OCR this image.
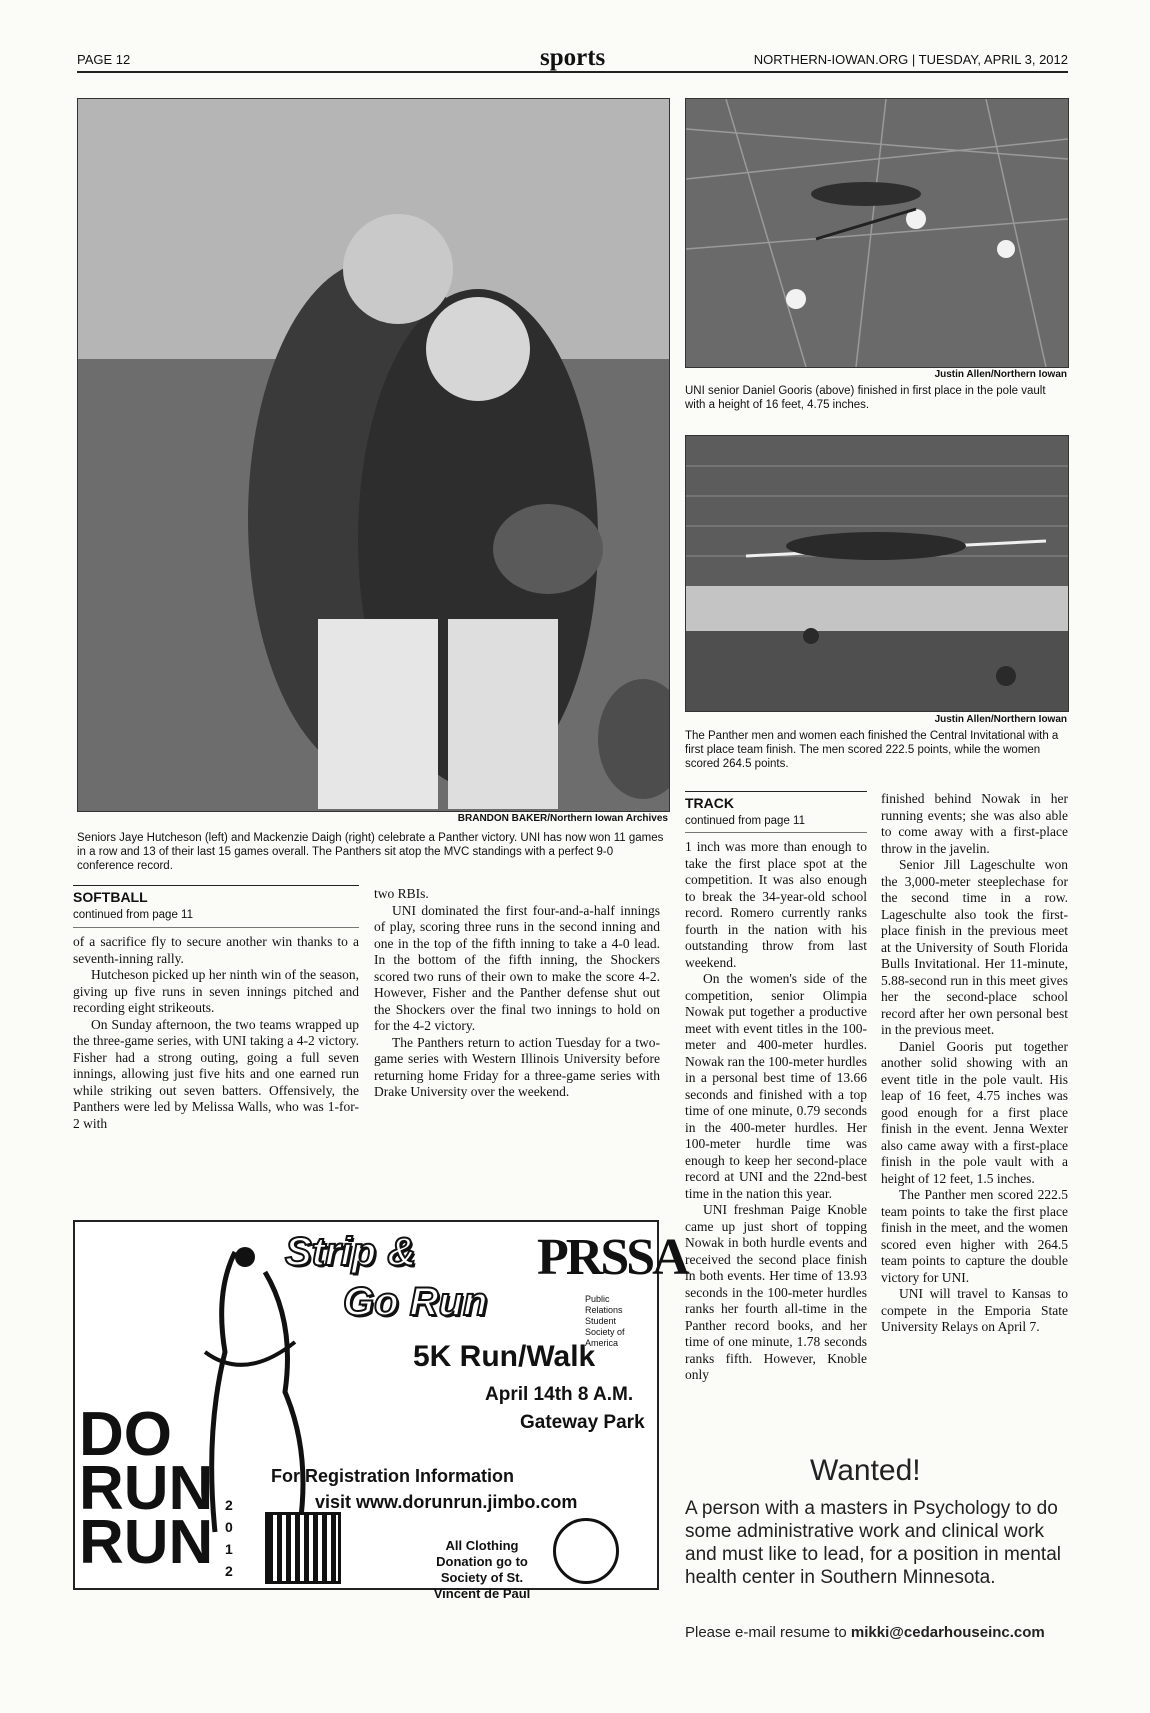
PAGE 12	sports	NORTHERN-IOWAN.ORG | TUESDAY, APRIL 3, 2012
BRANDON BAKER/Northern Iowan Archives
Seniors Jaye Hutcheson (left) and Mackenzie Daigh (right) celebrate a Panther victory. UNI has now won 11 games in a row and 13 of their last 15 games overall. The Panthers sit atop the MVC standings with a perfect 9-0 conference record.
Justin Allen/Northern Iowan
UNI senior Daniel Gooris (above) finished in first place in the pole vault with a height of 16 feet, 4.75 inches.
Justin Allen/Northern Iowan
The Panther men and women each finished the Central Invitational with a first place team finish. The men scored 222.5 points, while the women scored 264.5 points.
SOFTBALL
continued from page 11

of a sacrifice fly to secure another win thanks to a seventh-inning rally.

Hutcheson picked up her ninth win of the season, giving up five runs in seven innings pitched and recording eight strikeouts.

On Sunday afternoon, the two teams wrapped up the three-game series, with UNI taking a 4-2 victory. Fisher had a strong outing, going a full seven innings, allowing just five hits and one earned run while striking out seven batters. Offensively, the Panthers were led by Melissa Walls, who was 1-for-2 with

two RBIs.

UNI dominated the first four-and-a-half innings of play, scoring three runs in the second inning and one in the top of the fifth inning to take a 4-0 lead. In the bottom of the fifth inning, the Shockers scored two runs of their own to make the score 4-2. However, Fisher and the Panther defense shut out the Shockers over the final two innings to hold on for the 4-2 victory.

The Panthers return to action Tuesday for a two-game series with Western Illinois University before returning home Friday for a three-game series with Drake University over the weekend.

TRACK
continued from page 11

1 inch was more than enough to take the first place spot at the competition. It was also enough to break the 34-year-old school record. Romero currently ranks fourth in the nation with his outstanding throw from last weekend.

On the women's side of the competition, senior Olimpia Nowak put together a productive meet with event titles in the 100-meter and 400-meter hurdles. Nowak ran the 100-meter hurdles in a personal best time of 13.66 seconds and finished with a top time of one minute, 0.79 seconds in the 400-meter hurdles. Her 100-meter hurdle time was enough to keep her second-place record at UNI and the 22nd-best time in the nation this year.

UNI freshman Paige Knoble came up just short of topping Nowak in both hurdle events and received the second place finish in both events. Her time of 13.93 seconds in the 100-meter hurdles ranks her fourth all-time in the Panther record books, and her time of one minute, 1.78 seconds ranks fifth. However, Knoble only

finished behind Nowak in her running events; she was also able to come away with a first-place throw in the javelin.

Senior Jill Lageschulte won the 3,000-meter steeplechase for the second time in a row. Lageschulte also took the first-place finish in the previous meet at the University of South Florida Bulls Invitational. Her 11-minute, 5.88-second run in this meet gives her the second-place school record after her own personal best in the previous meet.

Daniel Gooris put together another solid showing with an event title in the pole vault. His leap of 16 feet, 4.75 inches was good enough for a first place finish in the event. Jenna Wexter also came away with a first-place finish in the pole vault with a height of 12 feet, 1.5 inches.

The Panther men scored 222.5 team points to take the first place finish in the meet, and the women scored even higher with 264.5 team points to capture the double victory for UNI.

UNI will travel to Kansas to compete in the Emporia State University Relays on April 7.

Strip &
Go Run
PRSSA
Public Relations Student Society of America
5K Run/Walk
April 14th 8 A.M.
Gateway Park
For Registration Information
visit www.dorunrun.jimbo.com
DO
RUN
RUN
2012
All Clothing Donation go to Society of St. Vincent de Paul
Wanted!
A person with a masters in Psychology to do some administrative work and clinical work and must like to lead, for a position in mental health center in Southern Minnesota.
Please e-mail resume to mikki@cedarhouseinc.com
